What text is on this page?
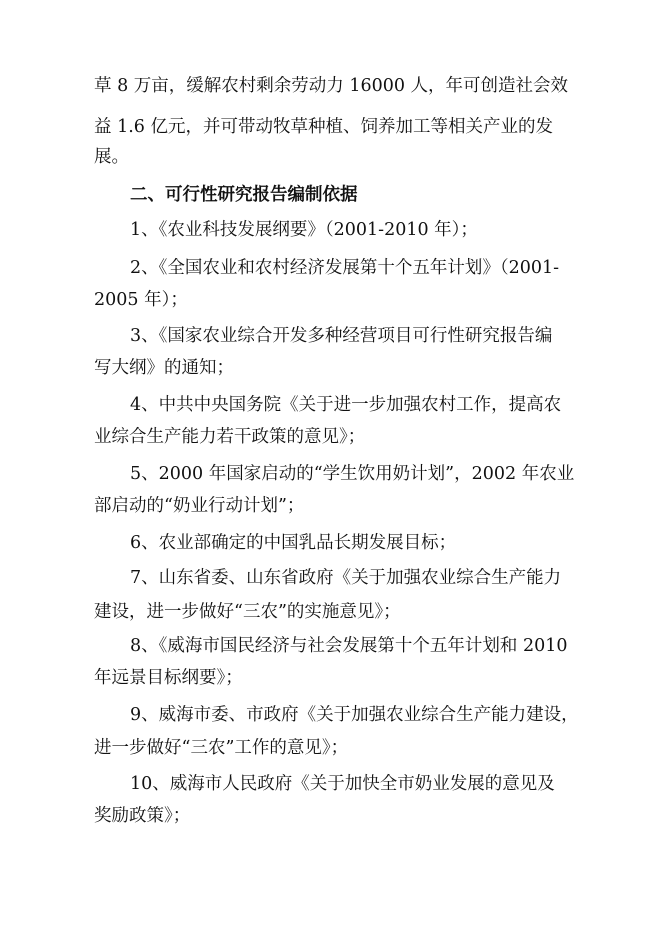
草 8 万亩，缓解农村剩余劳动力 16000 人，年可创造社会效
益 1.6 亿元，并可带动牧草种植、饲养加工等相关产业的发
展。
二、可行性研究报告编制依据
1、《农业科技发展纲要》（2001-2010 年）；
2、《全国农业和农村经济发展第十个五年计划》（2001-
2005 年）；
3、《国家农业综合开发多种经营项目可行性研究报告编
写大纲》的通知；
4、中共中央国务院《关于进一步加强农村工作，提高农
业综合生产能力若干政策的意见》；
5、2000 年国家启动的“学生饮用奶计划”，2002 年农业
部启动的“奶业行动计划”；
6、农业部确定的中国乳品长期发展目标；
7、山东省委、山东省政府《关于加强农业综合生产能力
建设，进一步做好“三农”的实施意见》；
8、《威海市国民经济与社会发展第十个五年计划和 2010
年远景目标纲要》；
9、威海市委、市政府《关于加强农业综合生产能力建设，
进一步做好“三农”工作的意见》；
10、威海市人民政府《关于加快全市奶业发展的意见及
奖励政策》；
